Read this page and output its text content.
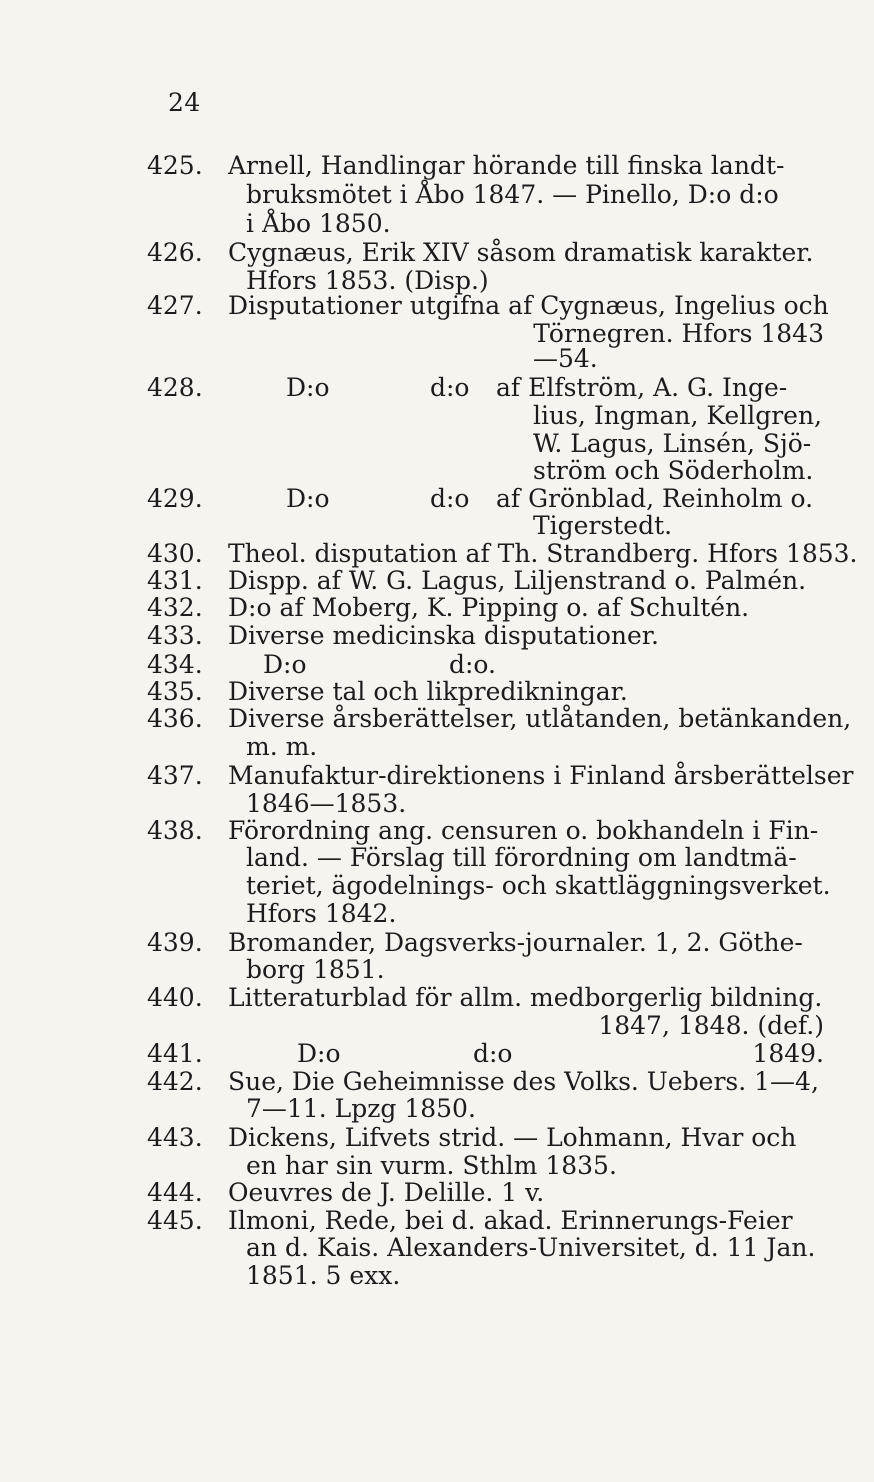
24
425.	Arnell, Handlingar hörande till finska landt-
bruksmötet i Åbo 1847. — Pinello, D:o d:o
i Åbo 1850.
426.	Cygnæus, Erik XIV såsom dramatisk karakter.
Hfors 1853. (Disp.)
427.	Disputationer utgifna af Cygnæus, Ingelius och
Törnegren. Hfors 1843
—54.
428.	D:o	d:o af Elfström, A. G. Inge-
lius, Ingman, Kellgren,
W. Lagus, Linsén, Sjö-
ström och Söderholm.
429.	D:o	d:o af Grönblad, Reinholm o.
Tigerstedt.
430.	Theol. disputation af Th. Strandberg. Hfors 1853.
431.	Dispp. af W. G. Lagus, Liljenstrand o. Palmén.
432.	D:o af Moberg, K. Pipping o. af Schultén.
433.	Diverse medicinska disputationer.
434.	D:o	d:o.
435.	Diverse tal och likpredikningar.
436.	Diverse årsberättelser, utlåtanden, betänkanden,
m. m.
437.	Manufaktur-direktionens i Finland årsberättelser
1846—1853.
438.	Förordning ang. censuren o. bokhandeln i Fin-
land. — Förslag till förordning om landtmä-
teriet, ägodelnings- och skattläggningsverket.
Hfors 1842.
439.	Bromander, Dagsverks-journaler. 1, 2. Göthe-
borg 1851.
440.	Litteraturblad för allm. medborgerlig bildning.
1847, 1848. (def.)
441.	D:o	d:o	1849.
442.	Sue, Die Geheimnisse des Volks. Uebers. 1—4,
7—11. Lpzg 1850.
443.	Dickens, Lifvets strid. — Lohmann, Hvar och
en har sin vurm. Sthlm 1835.
444.	Oeuvres de J. Delille. 1 v.
445.	Ilmoni, Rede, bei d. akad. Erinnerungs-Feier
an d. Kais. Alexanders-Universitet, d. 11 Jan.
1851. 5 exx.
